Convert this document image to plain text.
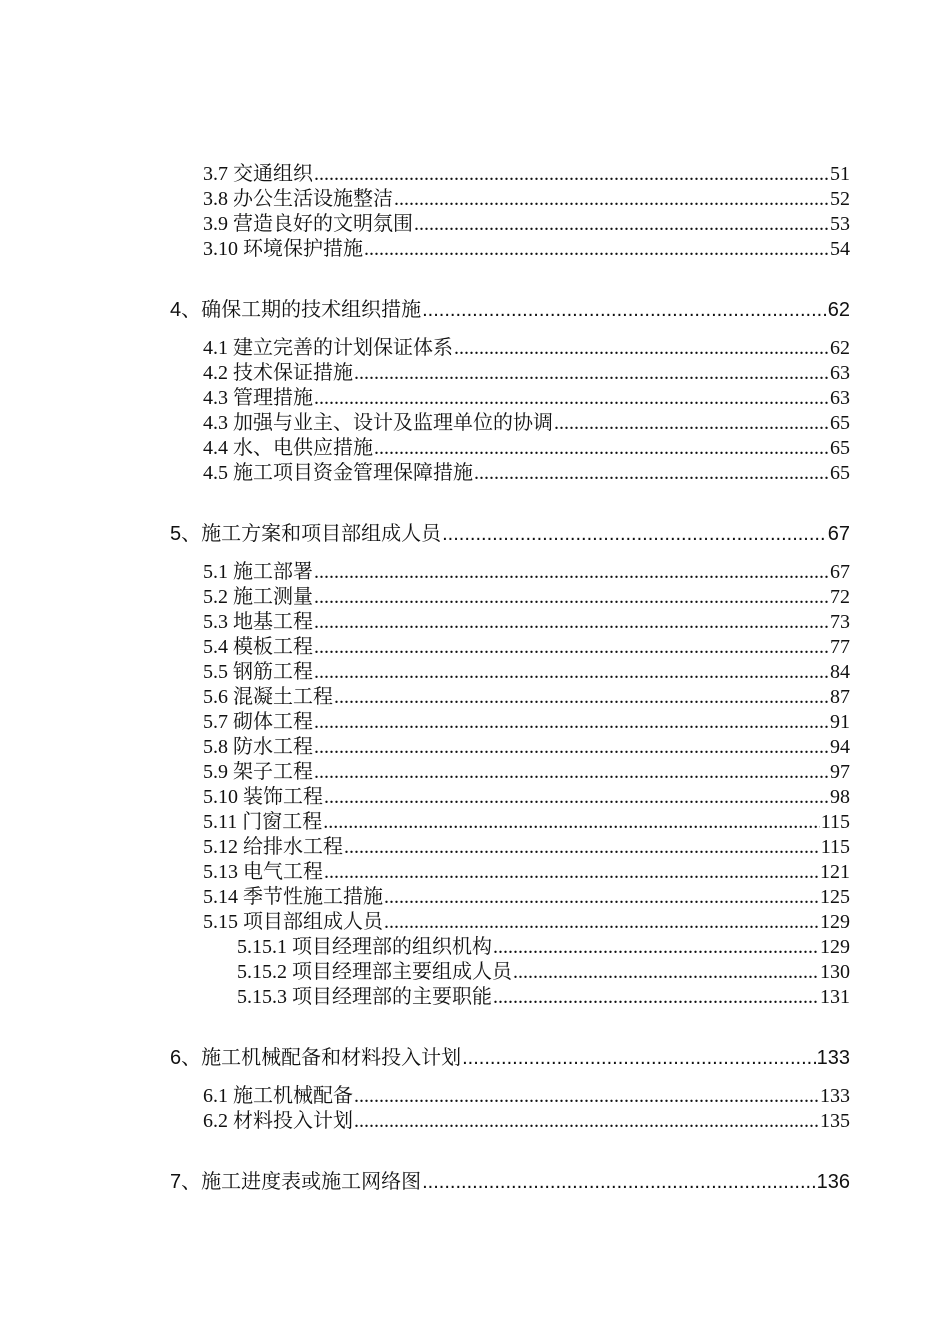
3.7 交通组织 .....	51
3.8 办公生活设施整洁 .....	52
3.9 营造良好的文明氛围 .....	53
3.10 环境保护措施 .....	54
4、确保工期的技术组织措施 .....	62
4.1 建立完善的计划保证体系 .....	62
4.2 技术保证措施 .....	63
4.3 管理措施 .....	63
4.3 加强与业主、设计及监理单位的协调 .....	65
4.4 水、电供应措施 .....	65
4.5 施工项目资金管理保障措施 .....	65
5、施工方案和项目部组成人员 .....	67
5.1 施工部署 .....	67
5.2 施工测量 .....	72
5.3 地基工程 .....	73
5.4 模板工程 .....	77
5.5 钢筋工程 .....	84
5.6 混凝土工程 .....	87
5.7 砌体工程 .....	91
5.8 防水工程 .....	94
5.9 架子工程 .....	97
5.10 装饰工程 .....	98
5.11 门窗工程 .....	115
5.12 给排水工程 .....	115
5.13 电气工程 .....	121
5.14 季节性施工措施 .....	125
5.15 项目部组成人员 .....	129
5.15.1 项目经理部的组织机构 .....	129
5.15.2 项目经理部主要组成人员 .....	130
5.15.3 项目经理部的主要职能 .....	131
6、施工机械配备和材料投入计划 .....	133
6.1 施工机械配备 .....	133
6.2 材料投入计划 .....	135
7、施工进度表或施工网络图 .....	136
